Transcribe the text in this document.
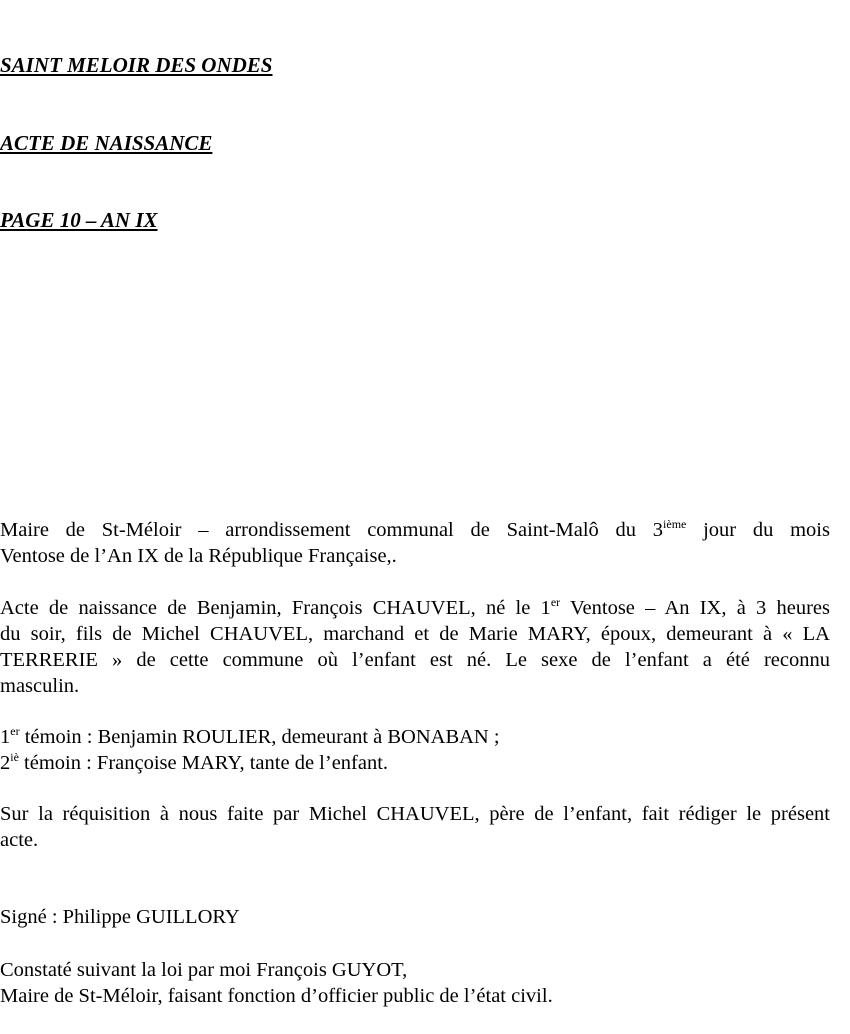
SAINT MELOIR DES ONDES
ACTE DE NAISSANCE
PAGE 10 – AN IX
Maire de St-Méloir – arrondissement communal de Saint-Malô du 3ième jour du mois
Ventose de l’An IX de la République Française,.
Acte de naissance de Benjamin, François CHAUVEL, né le 1er Ventose – An IX, à 3 heures
du soir, fils de Michel CHAUVEL, marchand et de Marie MARY, époux, demeurant à « LA
TERRERIE » de cette commune où l’enfant est né. Le sexe de l’enfant a été reconnu
masculin.
1er témoin : Benjamin ROULIER, demeurant à BONABAN ;
$2^{iè}$ témoin : Françoise MARY, tante de l’enfant.
Sur la réquisition à nous faite par Michel CHAUVEL, père de l’enfant, fait rédiger le présent
acte.
Signé : Philippe GUILLORY
Constaté suivant la loi par moi François GUYOT,
Maire de St-Méloir, faisant fonction d’officier public de l’état civil.
